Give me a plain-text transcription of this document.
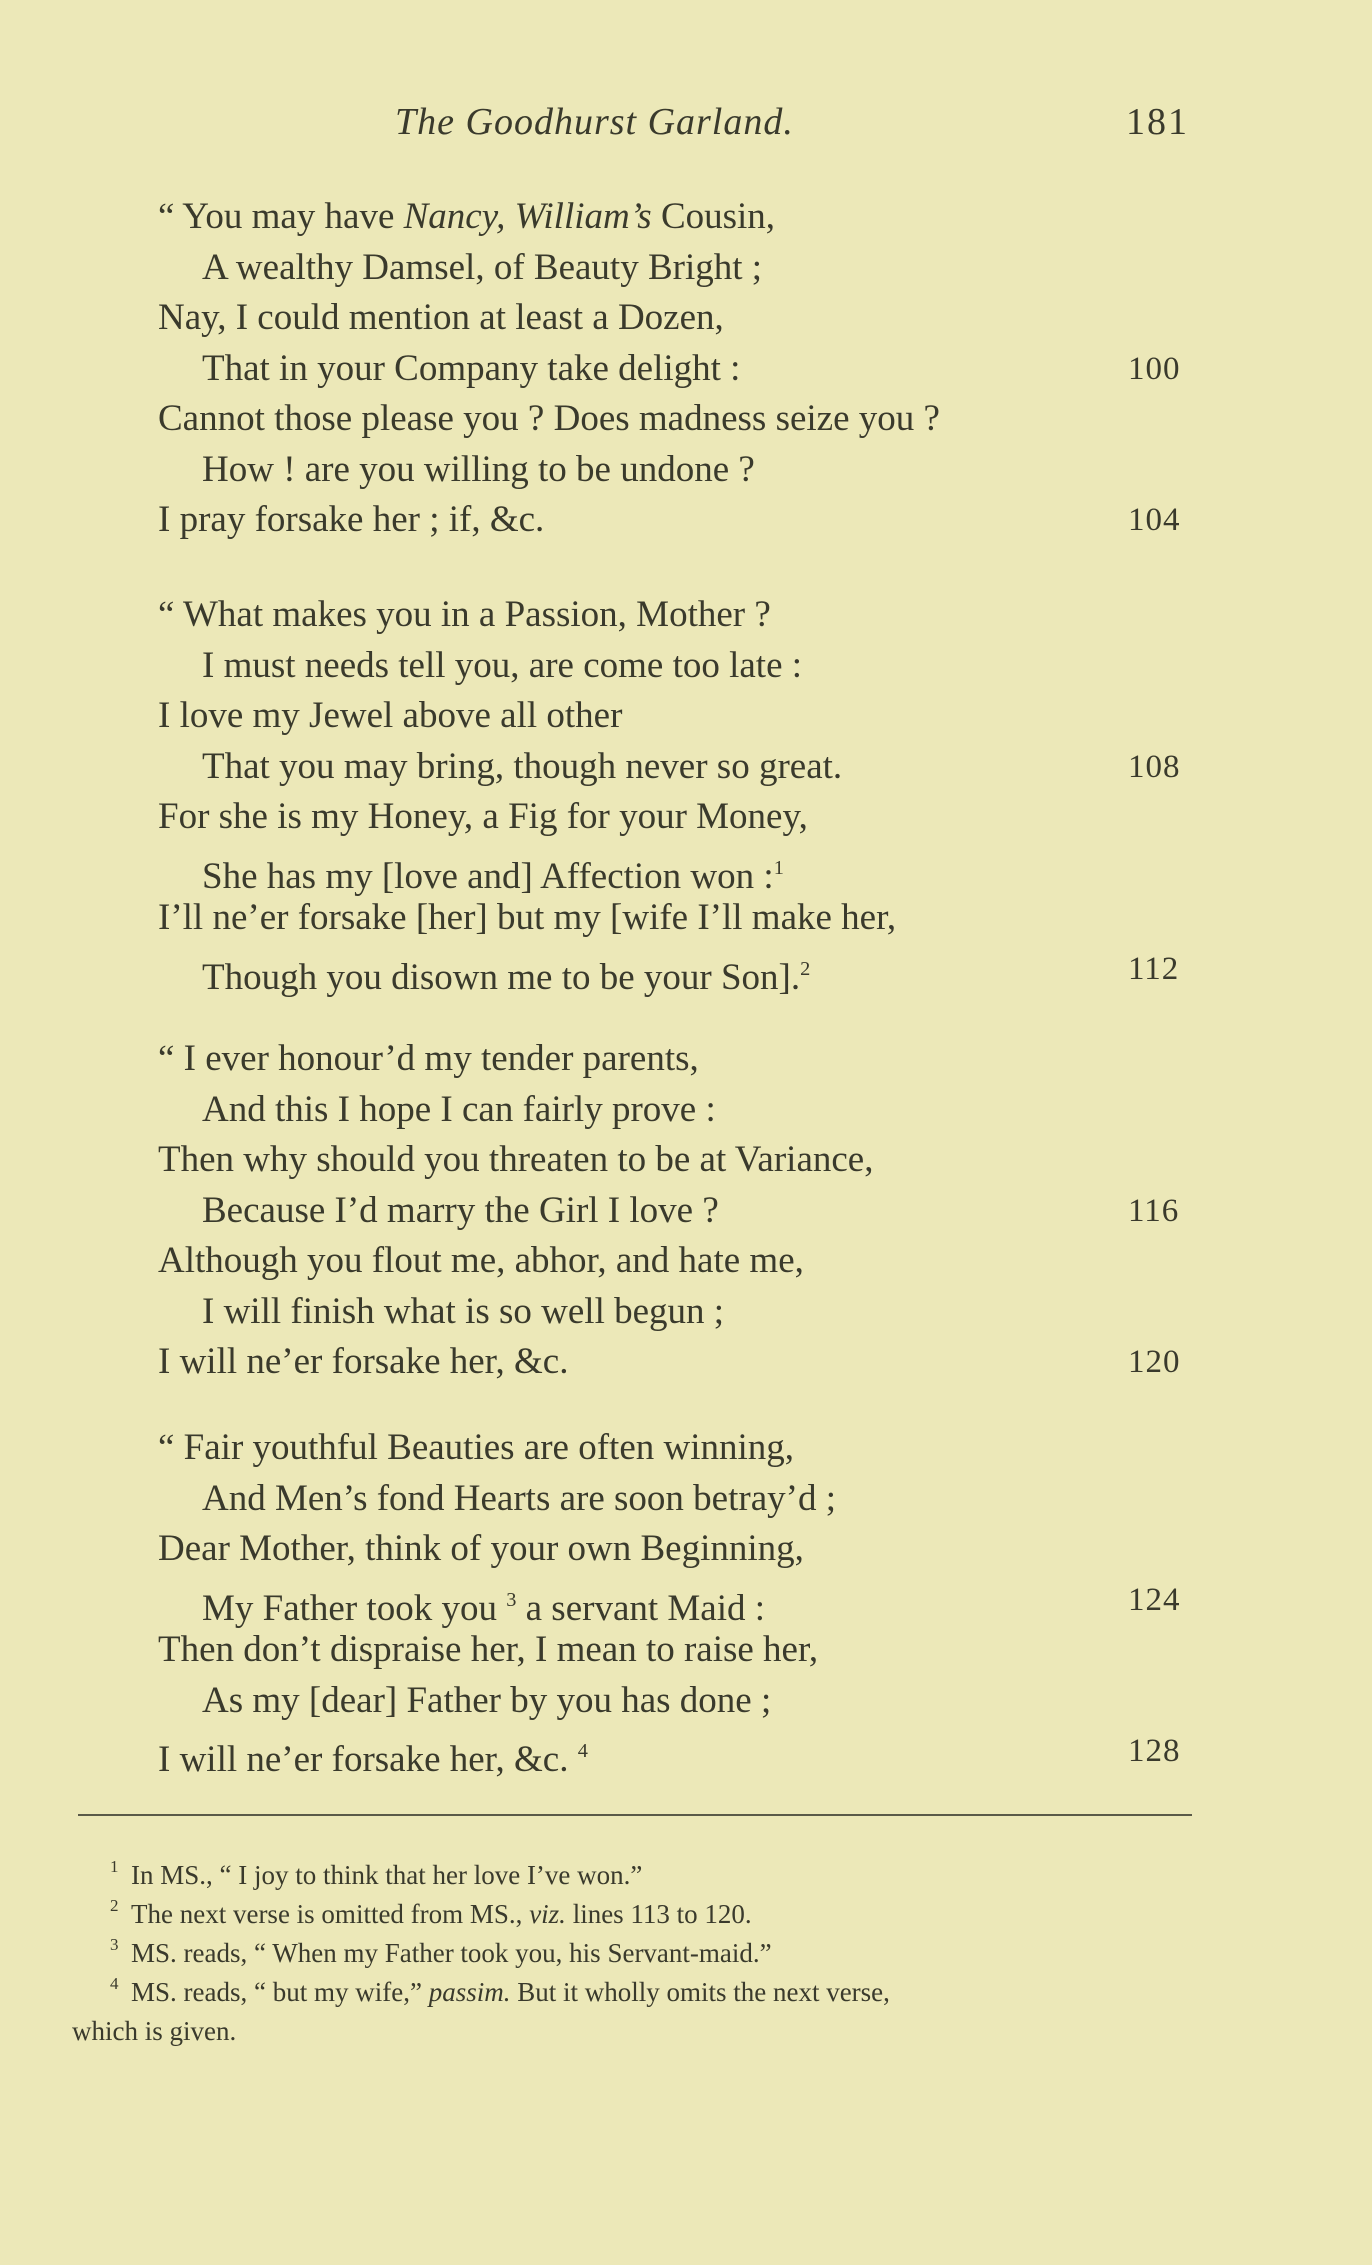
The Goodhurst Garland.	181
“ You may have Nancy, William’s Cousin,
A wealthy Damsel, of Beauty Bright ;
Nay, I could mention at least a Dozen,
That in your Company take delight :	100
Cannot those please you ? Does madness seize you ?
How ! are you willing to be undone ?
I pray forsake her ; if, &c.	104
“ What makes you in a Passion, Mother ?
I must needs tell you, are come too late :
I love my Jewel above all other
That you may bring, though never so great.	108
For she is my Honey, a Fig for your Money,
She has my [love and] Affection won :$^1$
I’ll ne’er forsake [her] but my [wife I’ll make her,
Though you disown me to be your Son].$^2$	112
“ I ever honour’d my tender parents,
And this I hope I can fairly prove :
Then why should you threaten to be at Variance,
Because I’d marry the Girl I love ?	116
Although you flout me, abhor, and hate me,
I will finish what is so well begun ;
I will ne’er forsake her, &c.	120
“ Fair youthful Beauties are often winning,
And Men’s fond Hearts are soon betray’d ;
Dear Mother, think of your own Beginning,
My Father took you $^3$ a servant Maid :	124
Then don’t dispraise her, I mean to raise her,
As my [dear] Father by you has done ;
I will ne’er forsake her, &c. $^4$	128
1 In MS., “ I joy to think that her love I’ve won.”
2 The next verse is omitted from MS., viz. lines 113 to 120.
3 MS. reads, “ When my Father took you, his Servant-maid.”
4 MS. reads, “ but my wife,” passim. But it wholly omits the next verse,
which is given.
